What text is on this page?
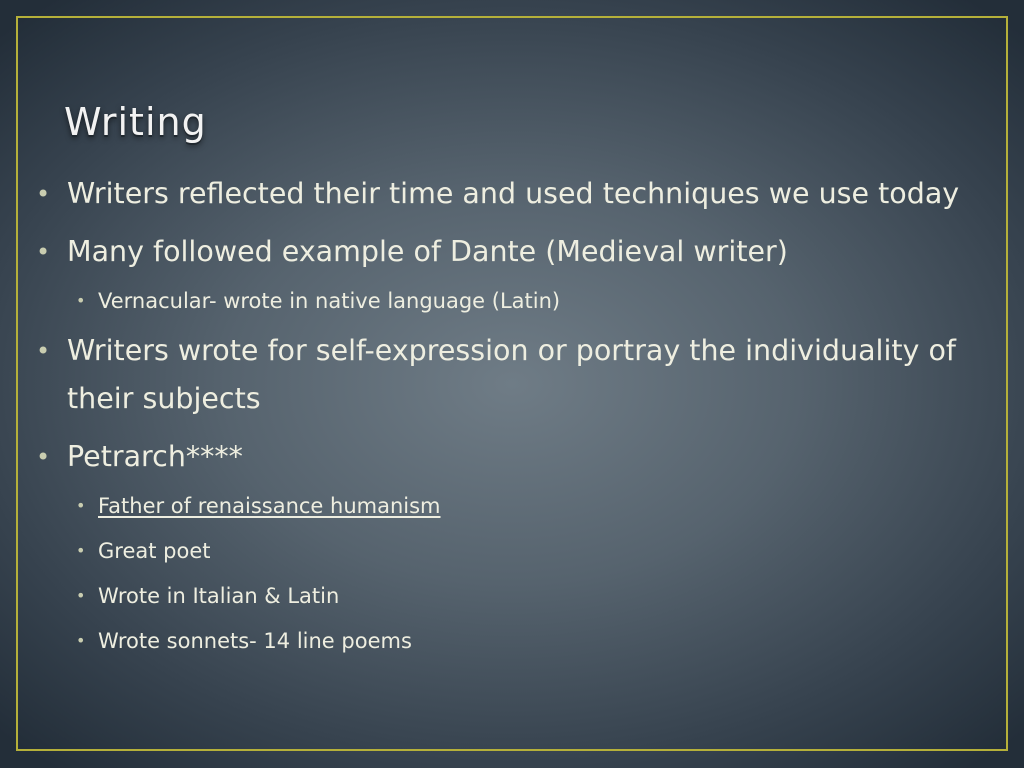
Writing
• Writers reflected their time and used techniques we use today
• Many followed example of Dante (Medieval writer)
• Vernacular- wrote in native language (Latin)
• Writers wrote for self-expression or portray the individuality of their subjects
• Petrarch****
• Father of renaissance humanism
• Great poet
• Wrote in Italian & Latin
• Wrote sonnets- 14 line poems
